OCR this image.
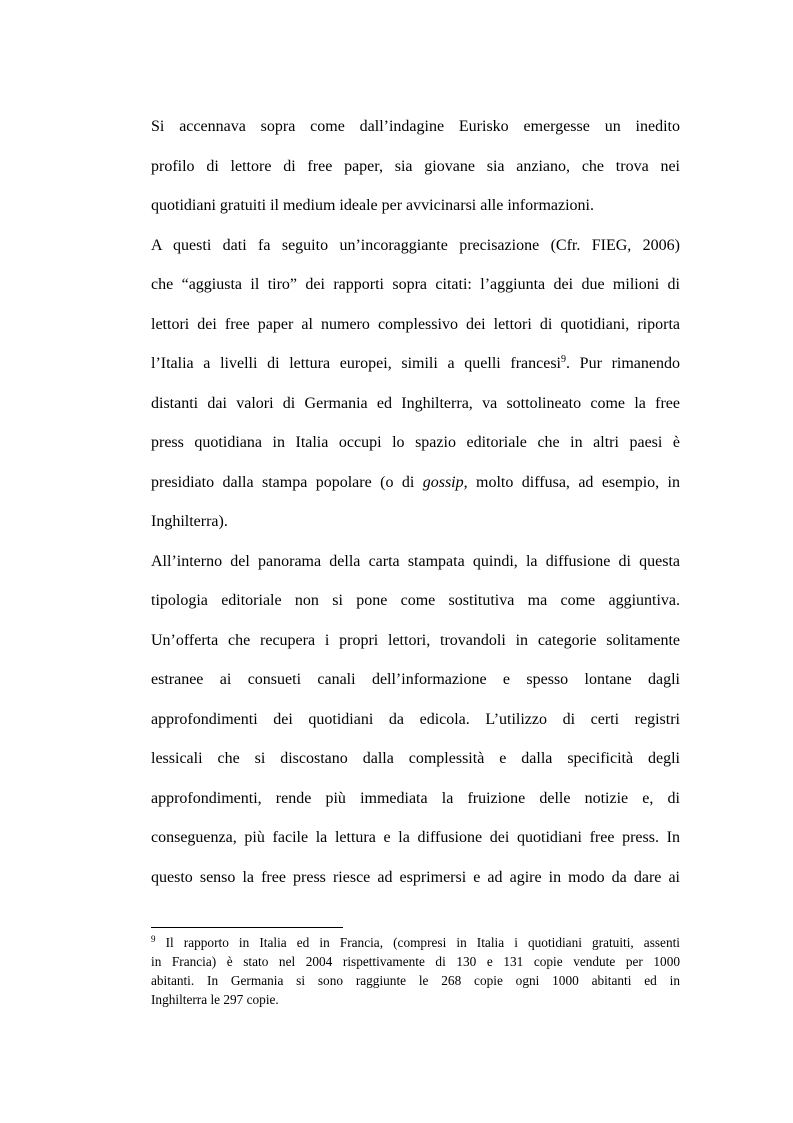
Si accennava sopra come dall’indagine Eurisko emergesse un inedito
profilo di lettore di free paper, sia giovane sia anziano, che trova nei
quotidiani gratuiti il medium ideale per avvicinarsi alle informazioni.
A questi dati fa seguito un’incoraggiante precisazione (Cfr. FIEG, 2006)
che “aggiusta il tiro” dei rapporti sopra citati: l’aggiunta dei due milioni di
lettori dei free paper al numero complessivo dei lettori di quotidiani, riporta
l’Italia a livelli di lettura europei, simili a quelli francesi$^9$. Pur rimanendo
distanti dai valori di Germania ed Inghilterra, va sottolineato come la free
press quotidiana in Italia occupi lo spazio editoriale che in altri paesi è
presidiato dalla stampa popolare (o di gossip, molto diffusa, ad esempio, in
Inghilterra).
All’interno del panorama della carta stampata quindi, la diffusione di questa
tipologia editoriale non si pone come sostitutiva ma come aggiuntiva.
Un’offerta che recupera i propri lettori, trovandoli in categorie solitamente
estranee ai consueti canali dell’informazione e spesso lontane dagli
approfondimenti dei quotidiani da edicola. L’utilizzo di certi registri
lessicali che si discostano dalla complessità e dalla specificità degli
approfondimenti, rende più immediata la fruizione delle notizie e, di
conseguenza, più facile la lettura e la diffusione dei quotidiani free press. In
questo senso la free press riesce ad esprimersi e ad agire in modo da dare ai
$^9$ Il rapporto in Italia ed in Francia, (compresi in Italia i quotidiani gratuiti, assenti
in Francia) è stato nel 2004 rispettivamente di 130 e 131 copie vendute per 1000
abitanti. In Germania si sono raggiunte le 268 copie ogni 1000 abitanti ed in
Inghilterra le 297 copie.
